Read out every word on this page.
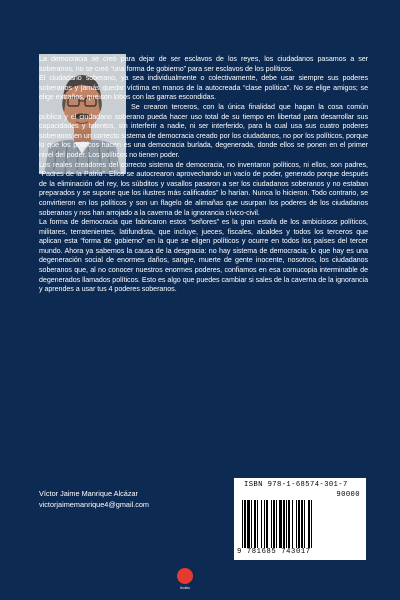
La democracia se creó para dejar de ser esclavos de los reyes, los ciudadanos pasamos a ser soberanos, no se creó “una forma de gobierno” para ser esclavos de los políticos.

El ciudadano soberano, ya sea individualmente o colectivamente, debe usar siempre sus poderes soberanos y jamás quedar víctima en manos de la autocreada “clase política”. No se elige amigos; se elige extraños, que son lobos con las garras escondidas.

Se crearon terceros, con la única finalidad que hagan la cosa común pública y el ciudadano soberano pueda hacer uso total de su tiempo en libertad para desarrollar sus capacidades y talentos, sin interferir a nadie, ni ser interferido, para la cual usa sus cuatro poderes soberanos en un correcto sistema de democracia creado por los ciudadanos, no por los políticos, porque lo que los políticos hacen es una democracia burlada, degenerada, donde ellos se ponen en el primer nivel del poder. Los políticos no tienen poder.

Los reales creadores del correcto sistema de democracia, no inventaron políticos, ni ellos, son padres, “Padres de la Patria”. Ellos se autocrearon aprovechando un vacío de poder, generado porque después de la eliminación del rey, los súbditos y vasallos pasaron a ser los ciudadanos soberanos y no estaban preparados y se supone que los ilustres más calificados” lo harían. Nunca lo hicieron. Todo contrario, se convirtieron en los políticos y son un flagelo de alimañas que usurpan los poderes de los ciudadanos soberanos y nos han arrojado a la caverna de la ignorancia cívico-civil.

La forma de democracia que fabricaron estos “señores” es la gran estafa de los ambiciosos políticos, militares, terratenientes, latifundista, que incluye, jueces, fiscales, alcaldes y todos los terceros que aplican esta “forma de gobierno” en la que se eligen políticos y ocurre en todos los países del tercer mundo. Ahora ya sabemos la causa de la desgracia: no hay sistema de democracia; lo que hay es una degeneración social de enormes daños, sangre, muerte de gente inocente, nosotros, los ciudadanos soberanos que, al no conocer nuestros enormes poderes, confiamos en esa cornucopia interminable de degenerados llamados políticos. Esto es algo que puedes cambiar si sales de la caverna de la ignorancia y aprendes a usar tus 4 poderes soberanos.

Víctor Jaime Manrique Alcázar
victorjaimemanrique4@gmail.com
ISBN 978-1-68574-301-7
90000
9 781685 743017
Ibukku
